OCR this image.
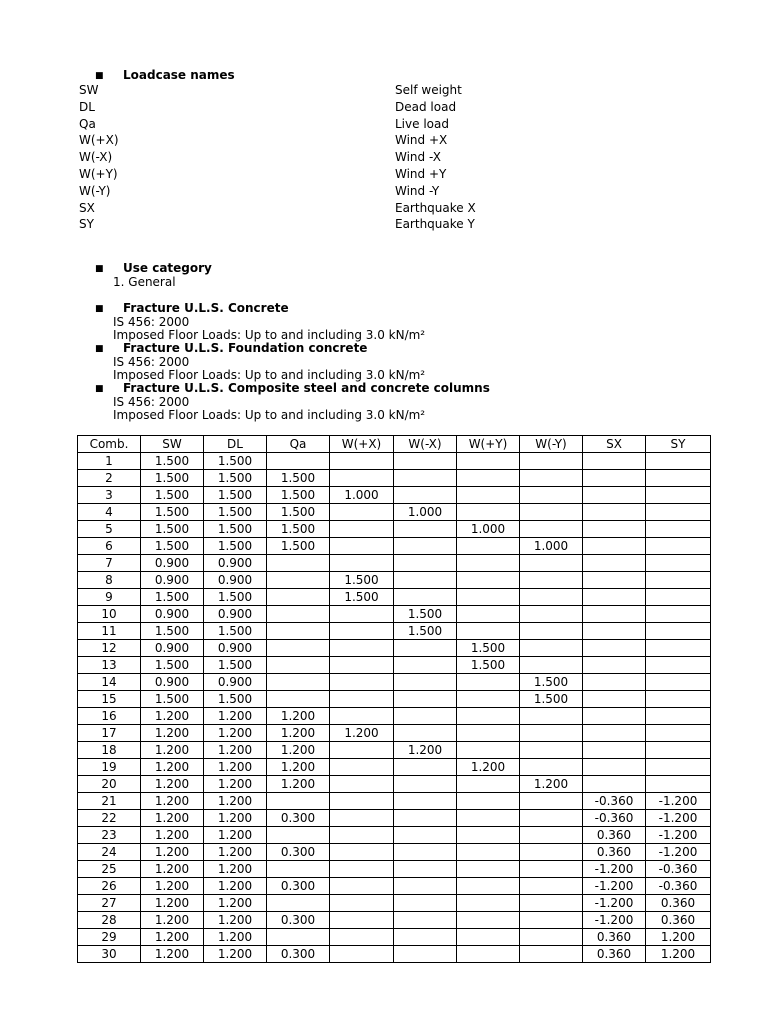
■ Loadcase names
SW	Self weight
DL	Dead load
Qa	Live load
W(+X)	Wind +X
W(-X)	Wind -X
W(+Y)	Wind +Y
W(-Y)	Wind -Y
SX	Earthquake X
SY	Earthquake Y
■ Use category
1. General
■ Fracture U.L.S. Concrete
IS 456: 2000
Imposed Floor Loads: Up to and including 3.0 kN/m²
■ Fracture U.L.S. Foundation concrete
IS 456: 2000
Imposed Floor Loads: Up to and including 3.0 kN/m²
■ Fracture U.L.S. Composite steel and concrete columns
IS 456: 2000
Imposed Floor Loads: Up to and including 3.0 kN/m²
Comb.	SW	DL	Qa	W(+X)	W(-X)	W(+Y)	W(-Y)	SX	SY
1	1.500	1.500							
2	1.500	1.500	1.500						
3	1.500	1.500	1.500	1.000					
4	1.500	1.500	1.500		1.000				
5	1.500	1.500	1.500			1.000			
6	1.500	1.500	1.500				1.000		
7	0.900	0.900							
8	0.900	0.900		1.500					
9	1.500	1.500		1.500					
10	0.900	0.900			1.500				
11	1.500	1.500			1.500				
12	0.900	0.900				1.500			
13	1.500	1.500				1.500			
14	0.900	0.900					1.500		
15	1.500	1.500					1.500		
16	1.200	1.200	1.200						
17	1.200	1.200	1.200	1.200					
18	1.200	1.200	1.200		1.200				
19	1.200	1.200	1.200			1.200			
20	1.200	1.200	1.200				1.200		
21	1.200	1.200						-0.360	-1.200
22	1.200	1.200	0.300					-0.360	-1.200
23	1.200	1.200						0.360	-1.200
24	1.200	1.200	0.300					0.360	-1.200
25	1.200	1.200						-1.200	-0.360
26	1.200	1.200	0.300					-1.200	-0.360
27	1.200	1.200						-1.200	0.360
28	1.200	1.200	0.300					-1.200	0.360
29	1.200	1.200						0.360	1.200
30	1.200	1.200	0.300					0.360	1.200
